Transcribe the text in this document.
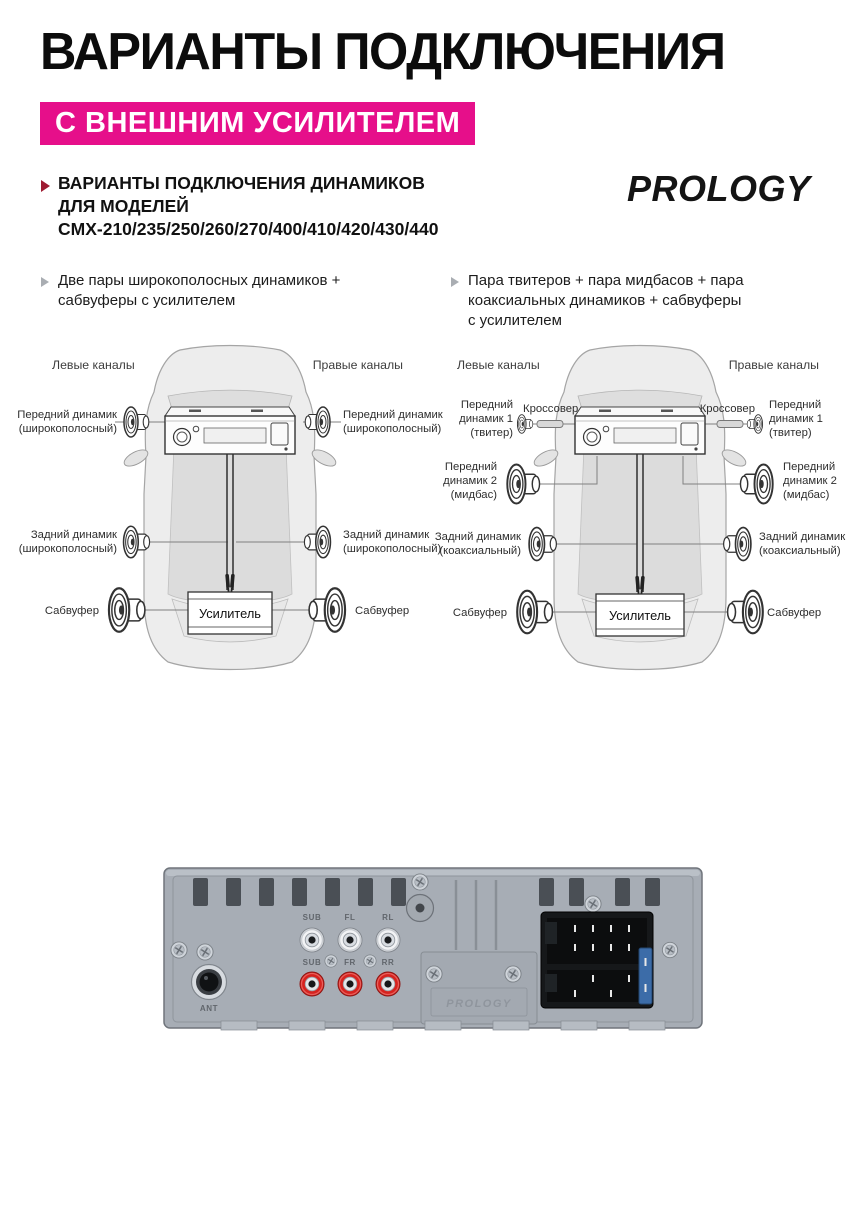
ВАРИАНТЫ ПОДКЛЮЧЕНИЯ
С ВНЕШНИМ УСИЛИТЕЛЕМ
ВАРИАНТЫ ПОДКЛЮЧЕНИЯ ДИНАМИКОВ
ДЛЯ МОДЕЛЕЙ
CMX-210/235/250/260/270/400/410/420/430/440
PROLOGY
Две пары широкополосных динамиков +
сабвуферы с усилителем
Пара твитеров + пара мидбасов + пара
коаксиальных динамиков + сабвуферы
с усилителем
Левые каналы	Правые каналы
Передний динамик
(широкополосный)
Передний динамик
(широкополосный)
Задний динамик
(широкополосный)
Задний динамик
(широкополосный)
Сабвуфер	Сабвуфер
Усилитель
Левые каналы	Правые каналы
Передний
динамик 1
(твитер)
Кроссовер	Кроссовер Передний
динамик 1
(твитер)
Передний
динамик 2
(мидбас)
Передний
динамик 2
(мидбас)
Задний динамик
(коаксиальный)
Задний динамик
(коаксиальный)
Сабвуфер	Сабвуфер
Усилитель
PROLOGY
ANT
SUB	FL	RL
SUB	FR	RR
